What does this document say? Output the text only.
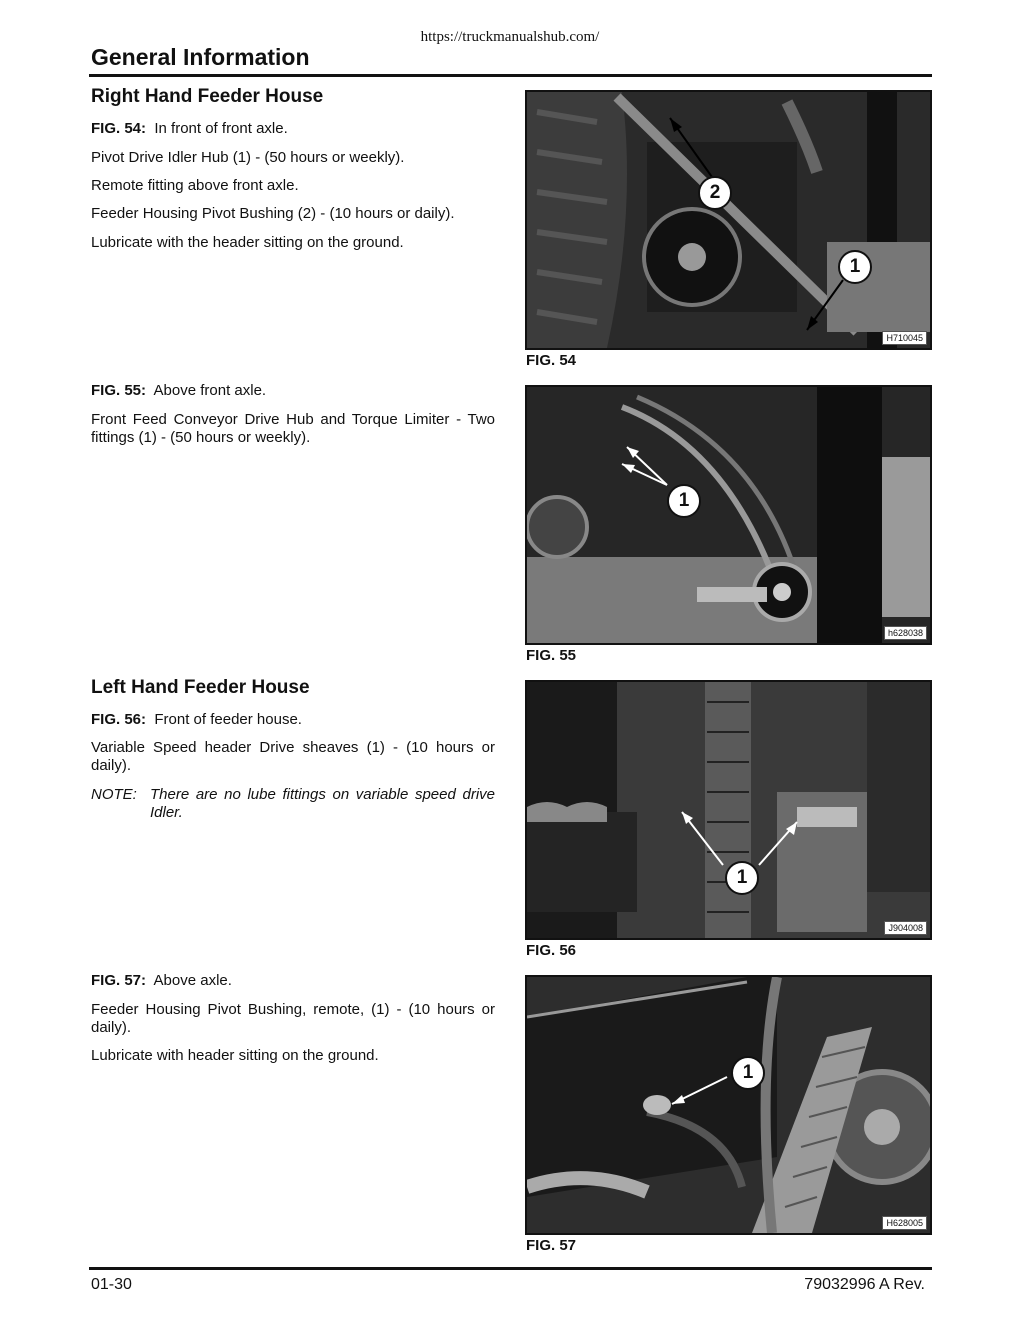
https://truckmanualshub.com/
General Information
Right Hand Feeder House

FIG. 54: In front of front axle.

Pivot Drive Idler Hub (1) - (50 hours or weekly).

Remote fitting above front axle.

Feeder Housing Pivot Bushing (2) - (10 hours or daily).

Lubricate with the header sitting on the ground.

FIG. 55: Above front axle.

Front Feed Conveyor Drive Hub and Torque Limiter - Two fittings (1) - (50 hours or weekly).

Left Hand Feeder House

FIG. 56: Front of feeder house.

Variable Speed header Drive sheaves (1) - (10 hours or daily).

NOTE: There are no lube fittings on variable speed drive Idler.

FIG. 57: Above axle.

Feeder Housing Pivot Bushing, remote, (1) - (10 hours or daily).

Lubricate with header sitting on the ground.

2
1
H710045
FIG. 54
1
h628038
FIG. 55
1
J904008
FIG. 56
1
H628005
FIG. 57
01-30	79032996 A Rev.
